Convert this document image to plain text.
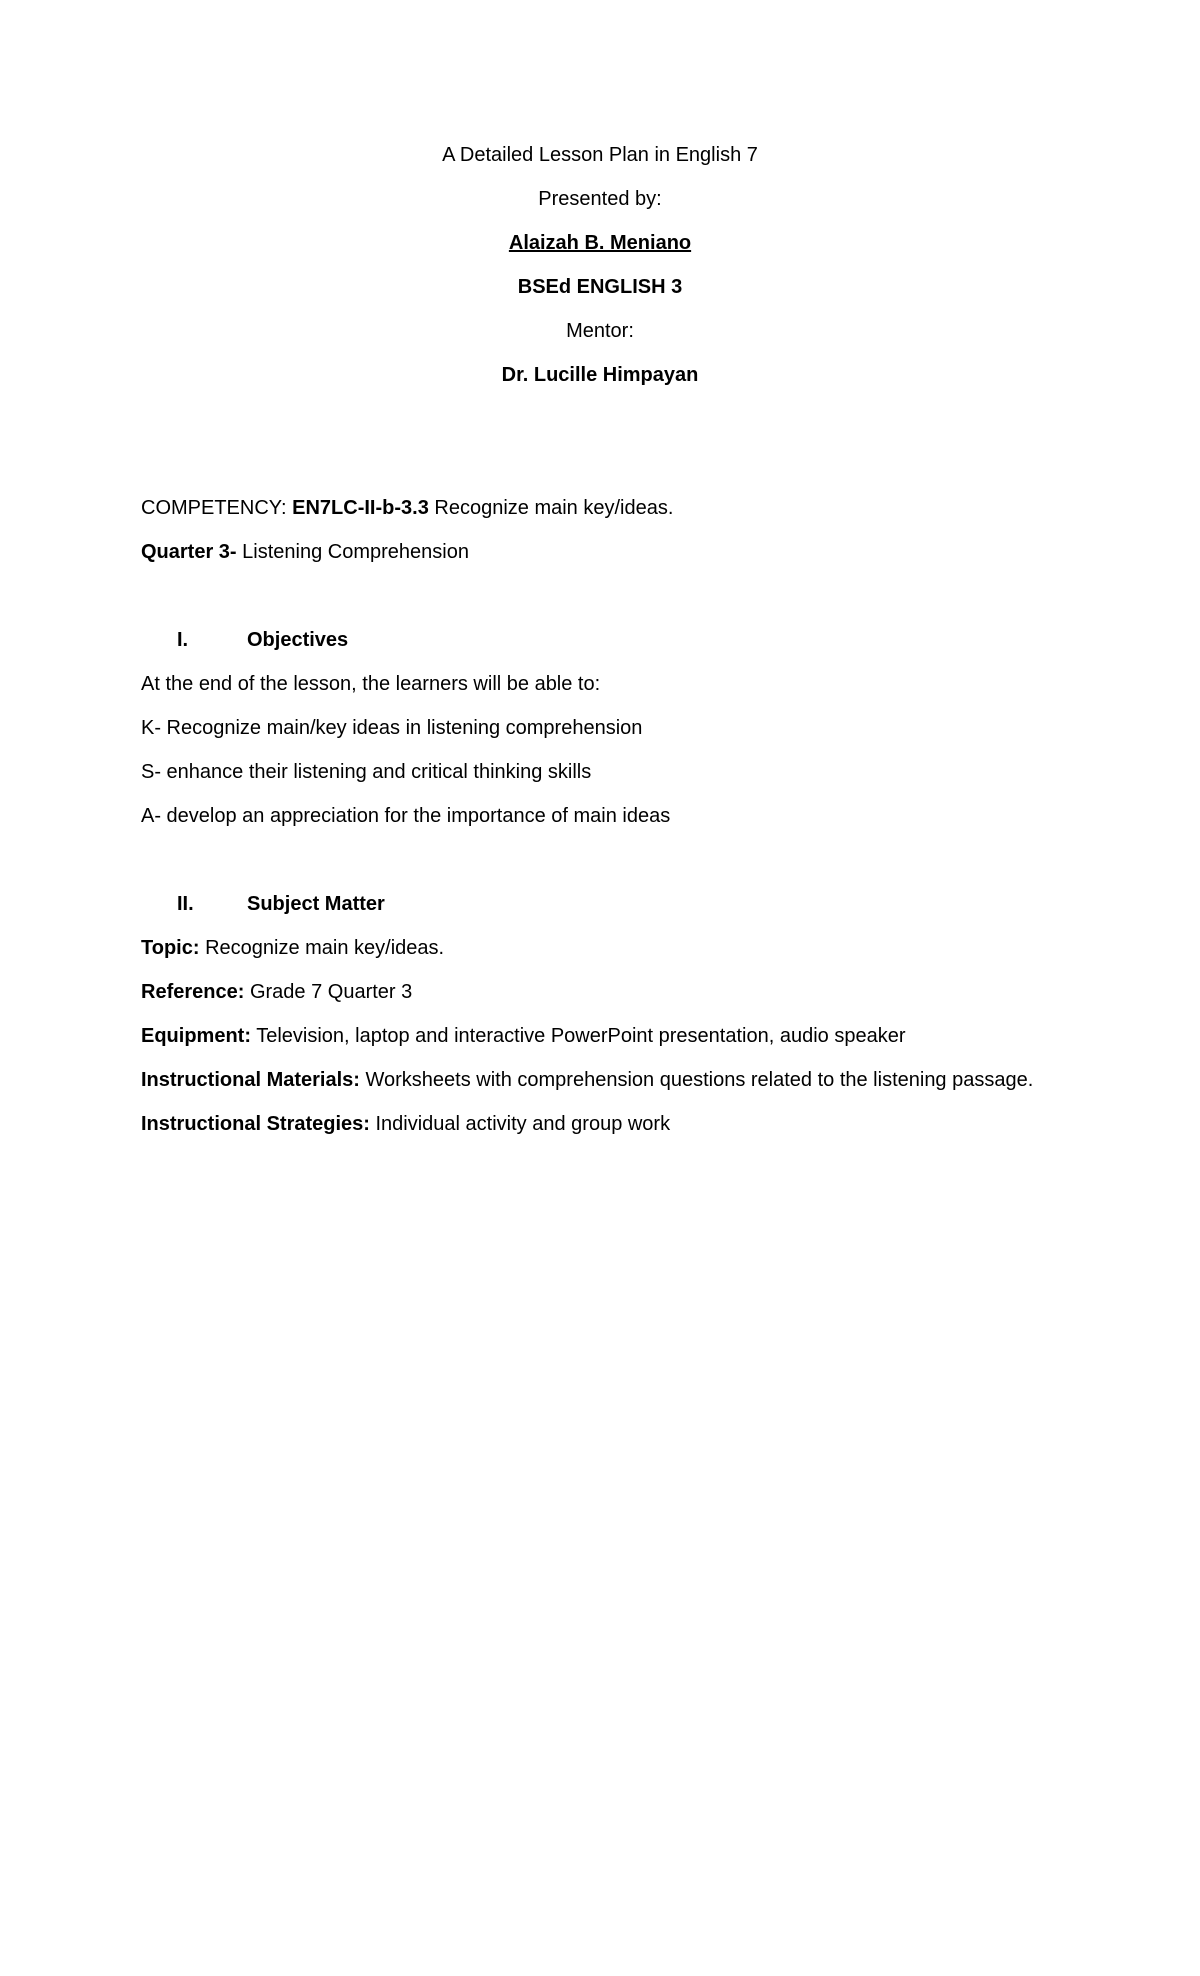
A Detailed Lesson Plan in English 7
Presented by:
Alaizah B. Meniano
BSEd ENGLISH 3
Mentor:
Dr. Lucille Himpayan
COMPETENCY: EN7LC-II-b-3.3 Recognize main key/ideas.
Quarter 3- Listening Comprehension
I.	Objectives
At the end of the lesson, the learners will be able to:
K- Recognize main/key ideas in listening comprehension
S- enhance their listening and critical thinking skills
A- develop an appreciation for the importance of main ideas
II.	Subject Matter
Topic: Recognize main key/ideas.
Reference: Grade 7 Quarter 3
Equipment: Television, laptop and interactive PowerPoint presentation, audio speaker
Instructional Materials: Worksheets with comprehension questions related to the listening passage.
Instructional Strategies: Individual activity and group work
